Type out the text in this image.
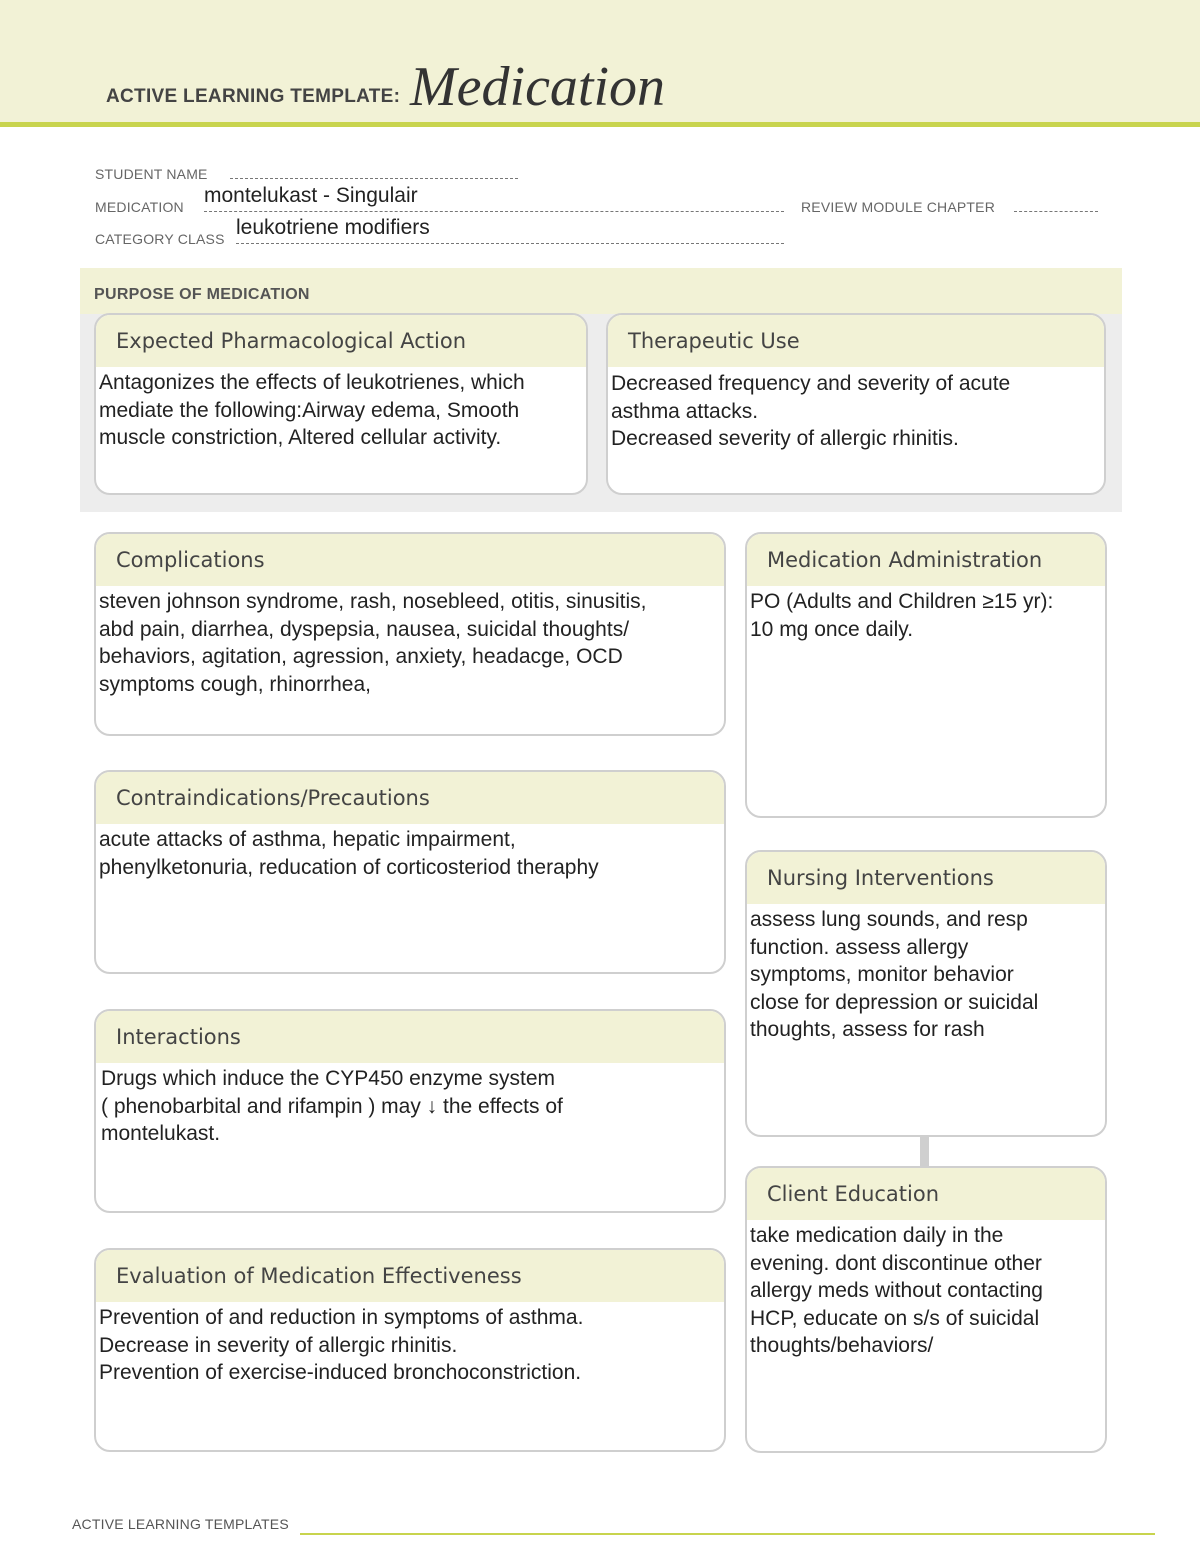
ACTIVE LEARNING TEMPLATE: Medication
STUDENT NAME
MEDICATION montelukast - Singulair	REVIEW MODULE CHAPTER
CATEGORY CLASS leukotriene modifiers
PURPOSE OF MEDICATION
Expected Pharmacological Action
Antagonizes the effects of leukotrienes, which
mediate the following:Airway edema, Smooth
muscle constriction, Altered cellular activity.
Therapeutic Use
Decreased frequency and severity of acute
asthma attacks.
Decreased severity of allergic rhinitis.
Complications
steven johnson syndrome, rash, nosebleed, otitis, sinusitis,
abd pain, diarrhea, dyspepsia, nausea, suicidal thoughts/
behaviors, agitation, agression, anxiety, headacge, OCD
symptoms cough, rhinorrhea,
Contraindications/Precautions
acute attacks of asthma, hepatic impairment,
phenylketonuria, reducation of corticosteriod theraphy
Interactions
Drugs which induce the CYP450 enzyme system
( phenobarbital and rifampin ) may ↓ the effects of
montelukast.
Evaluation of Medication Effectiveness
Prevention of and reduction in symptoms of asthma.
Decrease in severity of allergic rhinitis.
Prevention of exercise-induced bronchoconstriction.
Medication Administration
PO (Adults and Children ≥15 yr):
10 mg once daily.
Nursing Interventions
assess lung sounds, and resp
function. assess allergy
symptoms, monitor behavior
close for depression or suicidal
thoughts, assess for rash
Client Education
take medication daily in the
evening. dont discontinue other
allergy meds without contacting
HCP, educate on s/s of suicidal
thoughts/behaviors/
ACTIVE LEARNING TEMPLATES
